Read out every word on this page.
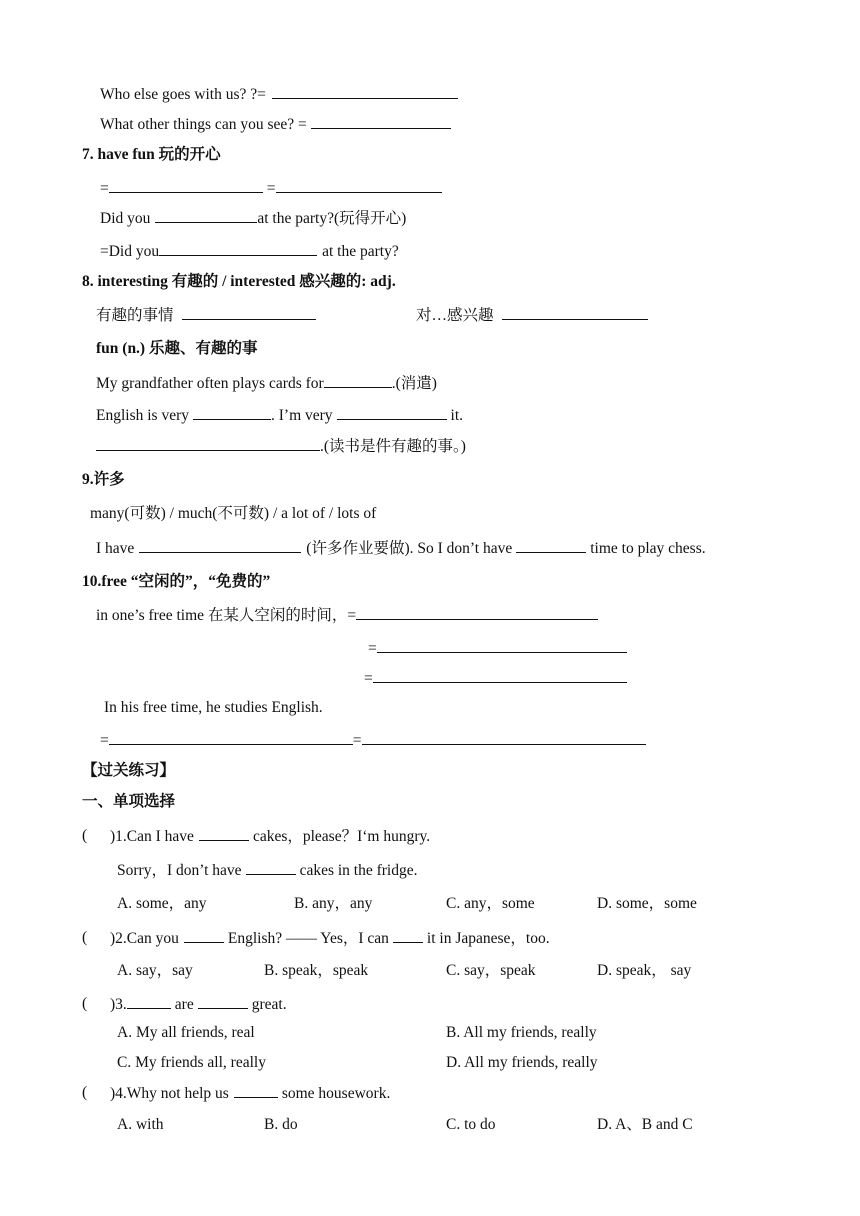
Who else goes with us? ?=
What other things can you see? =
7. have fun 玩的开心
=	=
Did you	at the party?(玩得开心)
=Did you	at the party?
8. interesting 有趣的 / interested 感兴趣的: adj.
有趣的事情	对…感兴趣
fun (n.) 乐趣、有趣的事
My grandfather often plays cards for	.(消遣)
English is very	. I’m very	it.
.(读书是件有趣的事。)
9.许多
many(可数) / much(不可数) / a lot of / lots of
I have	(许多作业要做). So I don’t have	time to play chess.
10.free “空闲的”，“免费的”
in one’s free time 在某人空闲的时间，=
=
=
In his free time, he studies English.
=	=
【过关练习】
一、单项选择
( )1.Can I have	cakes，please？I‘m hungry.
Sorry，I don’t have	cakes in the fridge.
A. some，any	B. any，any	C. any，some	D. some，some
( )2.Can you	English? —— Yes，I can it in Japanese，too.
A. say，say	B. speak，speak	C. say，speak	D. speak， say
( )3.	are	great.
A. My all friends, real	B. All my friends, really
C. My friends all, really	D. All my friends, really
( )4.Why not help us	some housework.
A. with	B. do	C. to do	D. A、B and C
